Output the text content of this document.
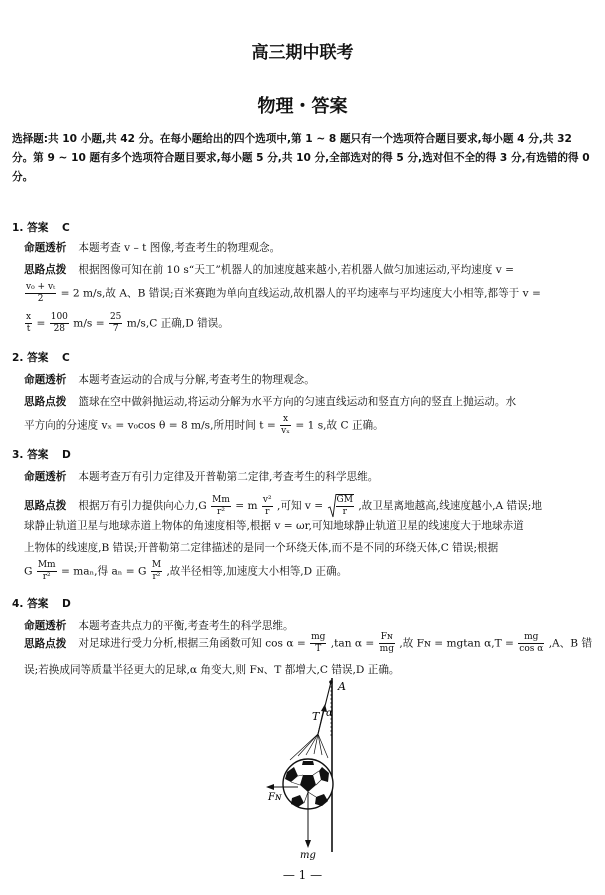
高三期中联考
物理・答案
选择题:共 10 小题,共 42 分。在每小题给出的四个选项中,第 1 ~ 8 题只有一个选项符合题目要求,每小题 4 分,共 32 分。第 9 ~ 10 题有多个选项符合题目要求,每小题 5 分,共 10 分,全部选对的得 5 分,选对但不全的得 3 分,有选错的得 0 分。
1. 答案 C
命题透析 本题考查 v – t 图像,考查考生的物理观念。
思路点拨 根据图像可知在前 10 s“天工”机器人的加速度越来越小,若机器人做匀加速运动,平均速度 v =
$\frac{\text{v₀ + vₜ}}{2} = 2$ m/s,故 A、B 错误;百米赛跑为单向直线运动,故机器人的平均速率与平均速度大小相等,都等于 v =
$\frac{x}{t} = \frac{100}{28} m/s = \frac{25}{7} m/s,C$ 正确,D 错误。
2. 答案 C
命题透析 本题考查运动的合成与分解,考查考生的物理观念。
思路点拨 篮球在空中做斜抛运动,将运动分解为水平方向的匀速直线运动和竖直方向的竖直上抛运动。水
平方向的分速度 vₓ = v₀cos θ = 8 m/s,所用时间 $t = \frac{x}{\text{vₓ}} = 1$ s,故 C 正确。
3. 答案 D
命题透析 本题考查万有引力定律及开普勒第二定律,考查考生的科学思维。
思路点拨 根据万有引力提供向心力$,G \frac{Mm}{\text{r²}} = m \frac{\text{v²}}{r}$ ,可知 $v = \frac{GM}{r}$ ,故卫星离地越高,线速度越小,A 错误;地
球静止轨道卫星与地球赤道上物体的角速度相等,根据 v = ωr,可知地球静止轨道卫星的线速度大于地球赤道
上物体的线速度,B 错误;开普勒第二定律描述的是同一个环绕天体,而不是不同的环绕天体,C 错误;根据
G $\frac{Mm}{\text{r²}} = ma_n$,得 aₙ = G $\frac{M}{\text{r²}}$ ,故半径相等,加速度大小相等,D 正确。
4. 答案 D
命题透析 本题考查共点力的平衡,考查考生的科学思维。
思路点拨 对足球进行受力分析,根据三角函数可知 $\cos \alpha = \frac{mg}{T} ,\tan$ $\alpha = \frac{\text{Fɴ}}{mg}$ ,故 Fɴ = mgtan $\alpha,T = \frac{mg}{\text{cos α}} ,A$、B 错
误;若换成同等质量半径更大的足球,α 角变大,则 Fɴ、T 都增大,C 错误,D 正确。
A
T α
Fɴ
mg
— 1 —
